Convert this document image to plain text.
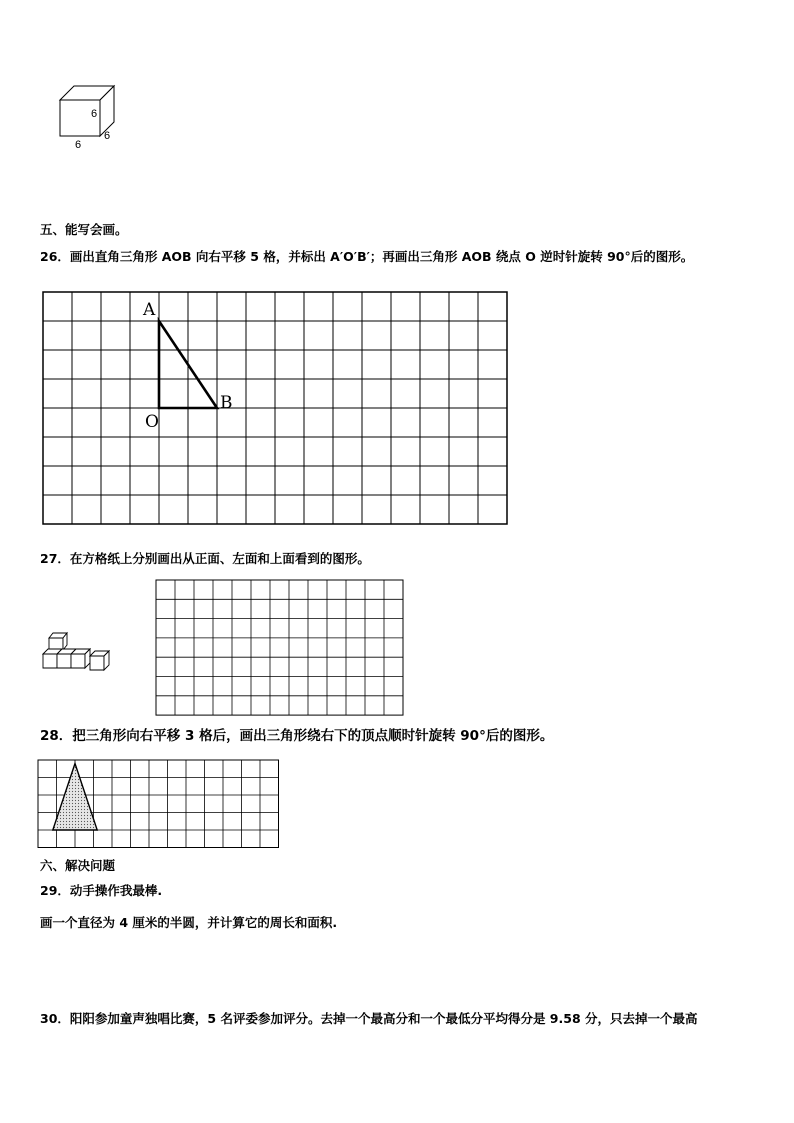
6
6
6
五、能写会画。
26．画出直角三角形 AOB 向右平移 5 格，并标出 A′O′B′；再画出三角形 AOB 绕点 O 逆时针旋转 90°后的图形。
A
B
O
27．在方格纸上分别画出从正面、左面和上面看到的图形。
28．把三角形向右平移 3 格后，画出三角形绕右下的顶点顺时针旋转 90°后的图形。
六、解决问题
29．动手操作我最棒.
画一个直径为 4 厘米的半圆，并计算它的周长和面积.
30．阳阳参加童声独唱比赛，5 名评委参加评分。去掉一个最高分和一个最低分平均得分是 9.58 分，只去掉一个最高
